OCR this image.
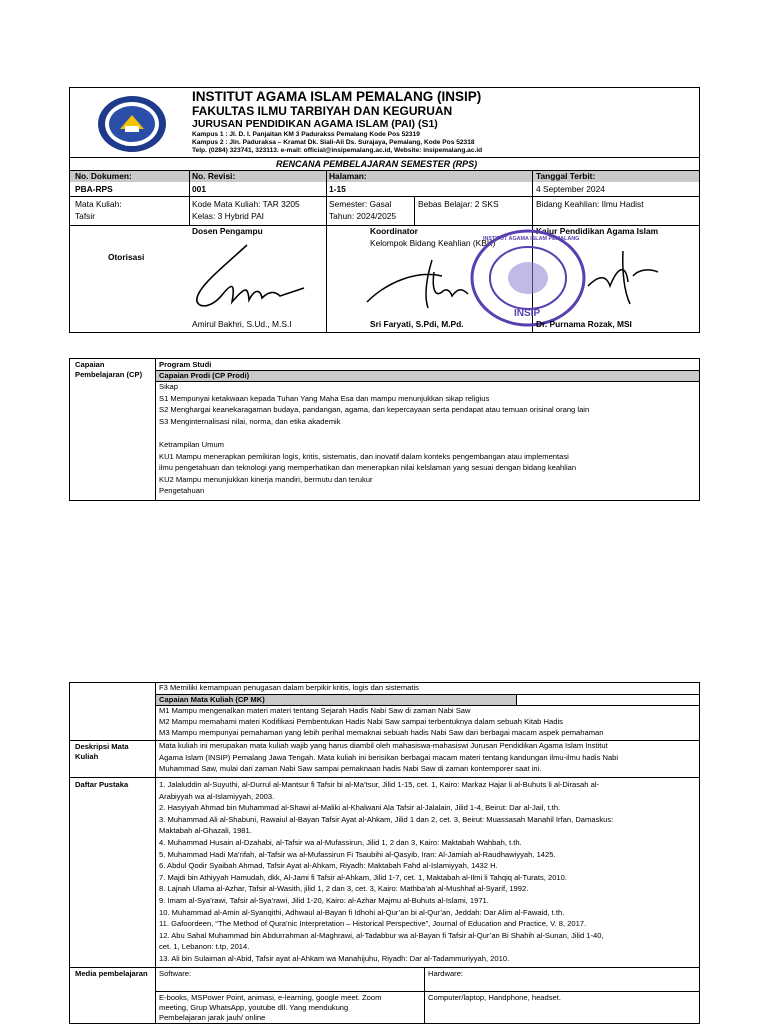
INSIP
INSTITUT AGAMA ISLAM PEMALANG (INSIP)
FAKULTAS ILMU TARBIYAH DAN KEGURUAN
JURUSAN PENDIDIKAN AGAMA ISLAM (PAI) (S1)
Kampus 1 : Jl. D. I. Panjaitan KM 3 Padurakss Pemalang Kode Pos 52319
Kampus 2 : Jln. Paduraksa – Kramat Dk. Siali-Ali Ds. Surajaya, Pemalang, Kode Pos 52318
Telp. (0284) 323741, 323113. e-mail: official@insipemalang.ac.id, Website: insipemalang.ac.id
RENCANA PEMBELAJARAN SEMESTER (RPS)
No. Dokumen:
PBA-RPS
No. Revisi:
001
Halaman:
1-15
Tanggal Terbit:
4 September 2024
Mata Kuliah:
Tafsir
Kode Mata Kuliah: TAR 3205
Kelas: 3 Hybrid PAI
Semester: Gasal
Tahun: 2024/2025
Bebas Belajar: 2 SKS	Bidang Keahlian: Ilmu Hadist
Otorisasi
Dosen Pengampu	Koordinator
Kelompok Bidang Keahlian (KBK)
Kajur Pendidikan Agama Islam
INSTITUT AGAMA ISLAM PEMALANG
INSIP
Amirul Bakhri, S.Ud., M.S.I	Sri Faryati, S.Pdi, M.Pd.	Dr. Purnama Rozak, MSI
Capaian Pembelajaran (CP)
Program Studi
Capaian Prodi (CP Prodi)
Sikap
S1 Mempunyai ketakwaan kepada Tuhan Yang Maha Esa dan mampu menunjukkan sikap religius
S2 Menghargai keanekaragaman budaya, pandangan, agama, dan kepercayaan serta pendapat atau temuan orisinal orang lain
S3 Menginternalisasi nilai, norma, dan etika akademik
Ketrampilan Umum
KU1 Mampu menerapkan pemikiran logis, kritis, sistematis, dan inovatif dalam konteks pengembangan atau implementasi
ilmu pengetahuan dan teknologi yang memperhatikan dan menerapkan nilai kelslaman yang sesuai dengan bidang keahlian
KU2 Mampu menunjukkan kinerja mandiri, bermutu dan terukur
Pengetahuan
F3 Memiliki kemampuan penugasan dalam berpikir kritis, logis dan sistematis
Capaian Mata Kuliah (CP MK)
M1 Mampu mengenalkan materi materi tentang Sejarah Hadis Nabi Saw di zaman Nabi Saw
M2 Mampu memahami materi Kodifikasi Pembentukan Hadis Nabi Saw sampai terbentuknya dalam sebuah Kitab Hadis
M3 Mampu mempunyai pemahaman yang lebih perihal memaknai sebuah hadis Nabi Saw dari berbagai macam aspek pemahaman
Deskripsi Mata Kuliah
Mata kuliah ini merupakan mata kuliah wajib yang harus diambil oleh mahasiswa-mahasiswi Jurusan Pendidikan Agama Islam Institut
Agama Islam (INSIP) Pemalang Jawa Tengah. Mata kuliah ini berisikan berbagai macam materi tentang kandungan ilmu-ilmu hadis Nabi
Muhammad Saw, mulai dari zaman Nabi Saw sampai pemaknaan hadis Nabi Saw di zaman kontemporer saat ini.
Daftar Pustaka	1. Jalaluddin al-Suyuthi, al-Durrul al-Mantsur fi Tafsir bi al-Ma’tsur, Jilid 1-15, cet. 1, Kairo: Markaz Hajar li al-Buhuts li al-Dirasah al-
Arabiyyah wa al-Islamiyyah, 2003.
2. Hasyiyah Ahmad bin Muhammad al-Shawi al-Maliki al-Khalwani Ala Tafsir al-Jalalain, Jilid 1-4, Beirut: Dar al-Jail, t.th.
3. Muhammad Ali al-Shabuni, Rawaiul al-Bayan Tafsir Ayat al-Ahkam, Jilid 1 dan 2, cet. 3, Beirut: Muassasah Manahil Irfan, Damaskus:
Maktabah al-Ghazali, 1981.
4. Muhammad Husain al-Dzahabi, al-Tafsir wa al-Mufassirun, Jilid 1, 2 dan 3, Kairo: Maktabah Wahbah, t.th.
5. Muhammad Hadi Ma’rifah, al-Tafsir wa al-Mufassirun Fi Tsaubihi al-Qasyib, Iran: Al-Jamiah al-Raudhawiyyah, 1425.
6. Abdul Qodir Syaibah Ahmad, Tafsir Ayat al-Ahkam, Riyadh: Maktabah Fahd al-Islamiyyah, 1432 H.
7. Majdi bin Athiyyah Hamudah, dkk, Al-Jami fi Tafsir al-Ahkam, Jilid 1-7, cet. 1, Maktabah al-Ilmi li Tahqiq al-Turats, 2010.
8. Lajnah Ulama al-Azhar, Tafsir al-Wasith, jilid 1, 2 dan 3, cet. 3, Kairo: Mathba’ah al-Mushhaf al-Syarif, 1992.
9. Imam al-Sya’rawi, Tafsir al-Sya’rawi, Jilid 1-20, Kairo: al-Azhar Majmu al-Buhuts al-Islami, 1971.
10. Muhammad al-Amin al-Syanqithi, Adhwaul al-Bayan fi Idhohi al-Qur’an bi al-Qur’an, Jeddah: Dar Alim al-Fawaid, t.th.
11. Gafoordeen, “The Method of Qura’nic Interpretation – Historical Perspective”, Journal of Education and Practice, V. 8, 2017.
12. Abu Sahal Muhammad bin Abdurrahman al-Maghrawi, al-Tadabbur wa al-Bayan fi Tafsir al-Qur’an Bi Shahih al-Sunan, Jilid 1-40,
cet. 1, Lebanon: t.tp, 2014.
13. Ali bin Sulaiman al-Abid, Tafsir ayat al-Ahkam wa Manahijuhu, Riyadh: Dar al-Tadammuriyyah, 2010.
Media pembelajaran	Software:	Hardware:
E-books, MSPower Point, animasi, e-learning, google meet. Zoom
meeting, Grup WhatsApp, youtube dll. Yang mendukung
Pembelajaran jarak jauh/ online
Computer/laptop, Handphone, headset.
